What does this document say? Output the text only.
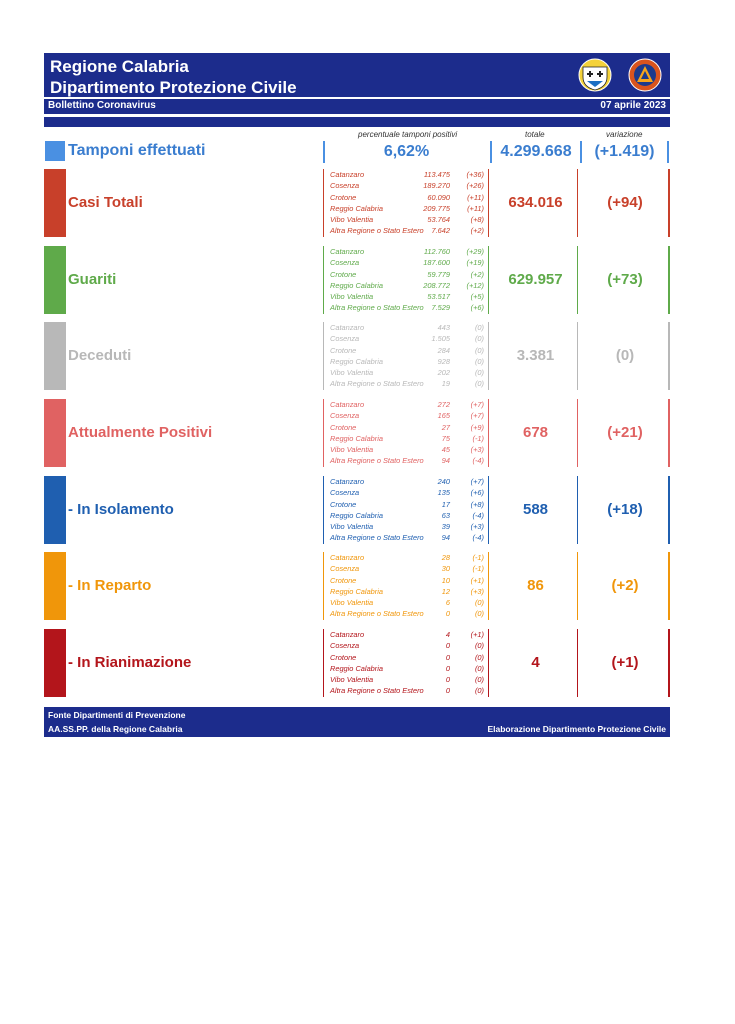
Regione Calabria
Dipartimento Protezione Civile
Bollettino Coronavirus	07 aprile 2023
percentuale tamponi positivi	totale	variazione
Tamponi effettuati	6,62%	4.299.668	(+1.419)
Casi Totali
Catanzaro	113.475 (+36)
Cosenza	189.270 (+26)
Crotone	60.090 (+11)
Reggio Calabria	209.775 (+11)
Vibo Valentia	53.764	(+8)
Altra Regione o Stato Estero 7.642	(+2)
634.016	(+94)
Guariti
Catanzaro	112.760 (+29)
Cosenza	187.600 (+19)
Crotone	59.779	(+2)
Reggio Calabria	208.772 (+12)
Vibo Valentia	53.517	(+5)
Altra Regione o Stato Estero 7.529	(+6)
629.957	(+73)
Deceduti
Catanzaro	443	(0)
Cosenza	1.505	(0)
Crotone	284	(0)
Reggio Calabria	928	(0)
Vibo Valentia	202	(0)
Altra Regione o Stato Estero 19	(0)
3.381	(0)
Attualmente Positivi
Catanzaro	272	(+7)
Cosenza	165	(+7)
Crotone	27	(+9)
Reggio Calabria	75	(-1)
Vibo Valentia	45	(+3)
Altra Regione o Stato Estero 94	(-4)
678	(+21)
- In Isolamento
Catanzaro	240	(+7)
Cosenza	135	(+6)
Crotone	17	(+8)
Reggio Calabria	63	(-4)
Vibo Valentia	39	(+3)
Altra Regione o Stato Estero 94	(-4)
588	(+18)
- In Reparto
Catanzaro	28	(-1)
Cosenza	30	(-1)
Crotone	10	(+1)
Reggio Calabria	12	(+3)
Vibo Valentia	6	(0)
Altra Regione o Stato Estero	0	(0)
86	(+2)
- In Rianimazione
Catanzaro	4	(+1)
Cosenza	0	(0)
Crotone	0	(0)
Reggio Calabria	0	(0)
Vibo Valentia	0	(0)
Altra Regione o Stato Estero	0	(0)
4	(+1)
Fonte Dipartimenti di Prevenzione
AA.SS.PP. della Regione Calabria	Elaborazione Dipartimento Protezione Civile
